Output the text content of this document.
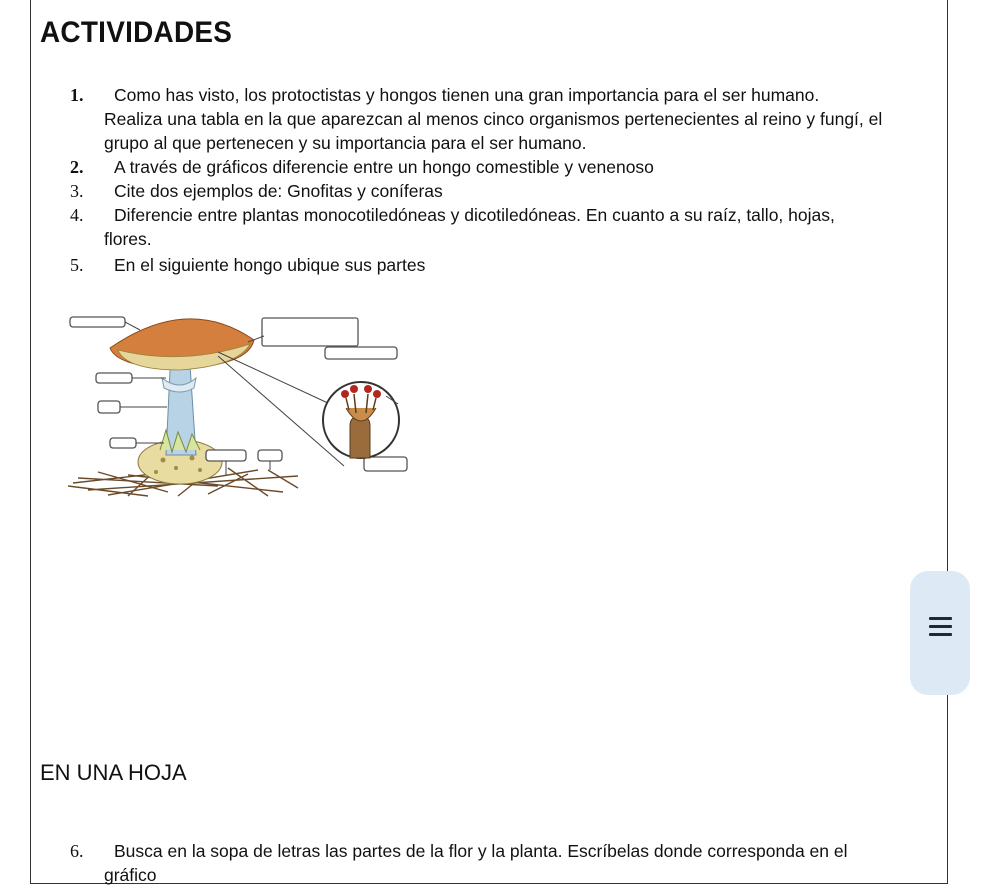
ACTIVIDADES
1. Como has visto, los protoctistas y hongos tienen una gran importancia para el ser humano.
Realiza una tabla en la que aparezcan al menos cinco organismos pertenecientes al reino y fungí, el
grupo al que pertenecen y su importancia para el ser humano.
2. A través de gráficos diferencie entre un hongo comestible y venenoso
3. Cite dos ejemplos de: Gnofitas y coníferas
4. Diferencie entre plantas monocotiledóneas y dicotiledóneas. En cuanto a su raíz, tallo, hojas,
flores.
5. En el siguiente hongo ubique sus partes
EN UNA HOJA
6. Busca en la sopa de letras las partes de la flor y la planta. Escríbelas donde corresponda en el
gráfico
